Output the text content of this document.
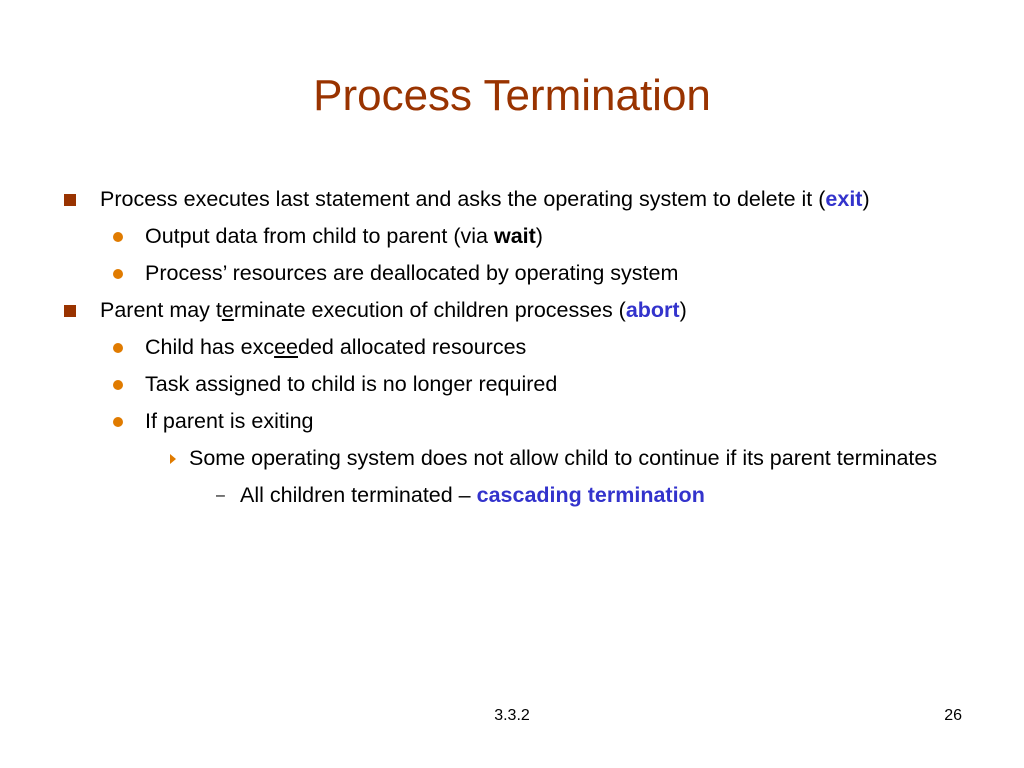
Process Termination
Process executes last statement and asks the operating system to delete it (exit)
Output data from child to parent (via wait)
Process’ resources are deallocated by operating system
Parent may terminate execution of children processes (abort)
Child has exceeded allocated resources
Task assigned to child is no longer required
If parent is exiting
Some operating system does not allow child to continue if its parent terminates
– All children terminated – cascading termination
3.3.2	26
